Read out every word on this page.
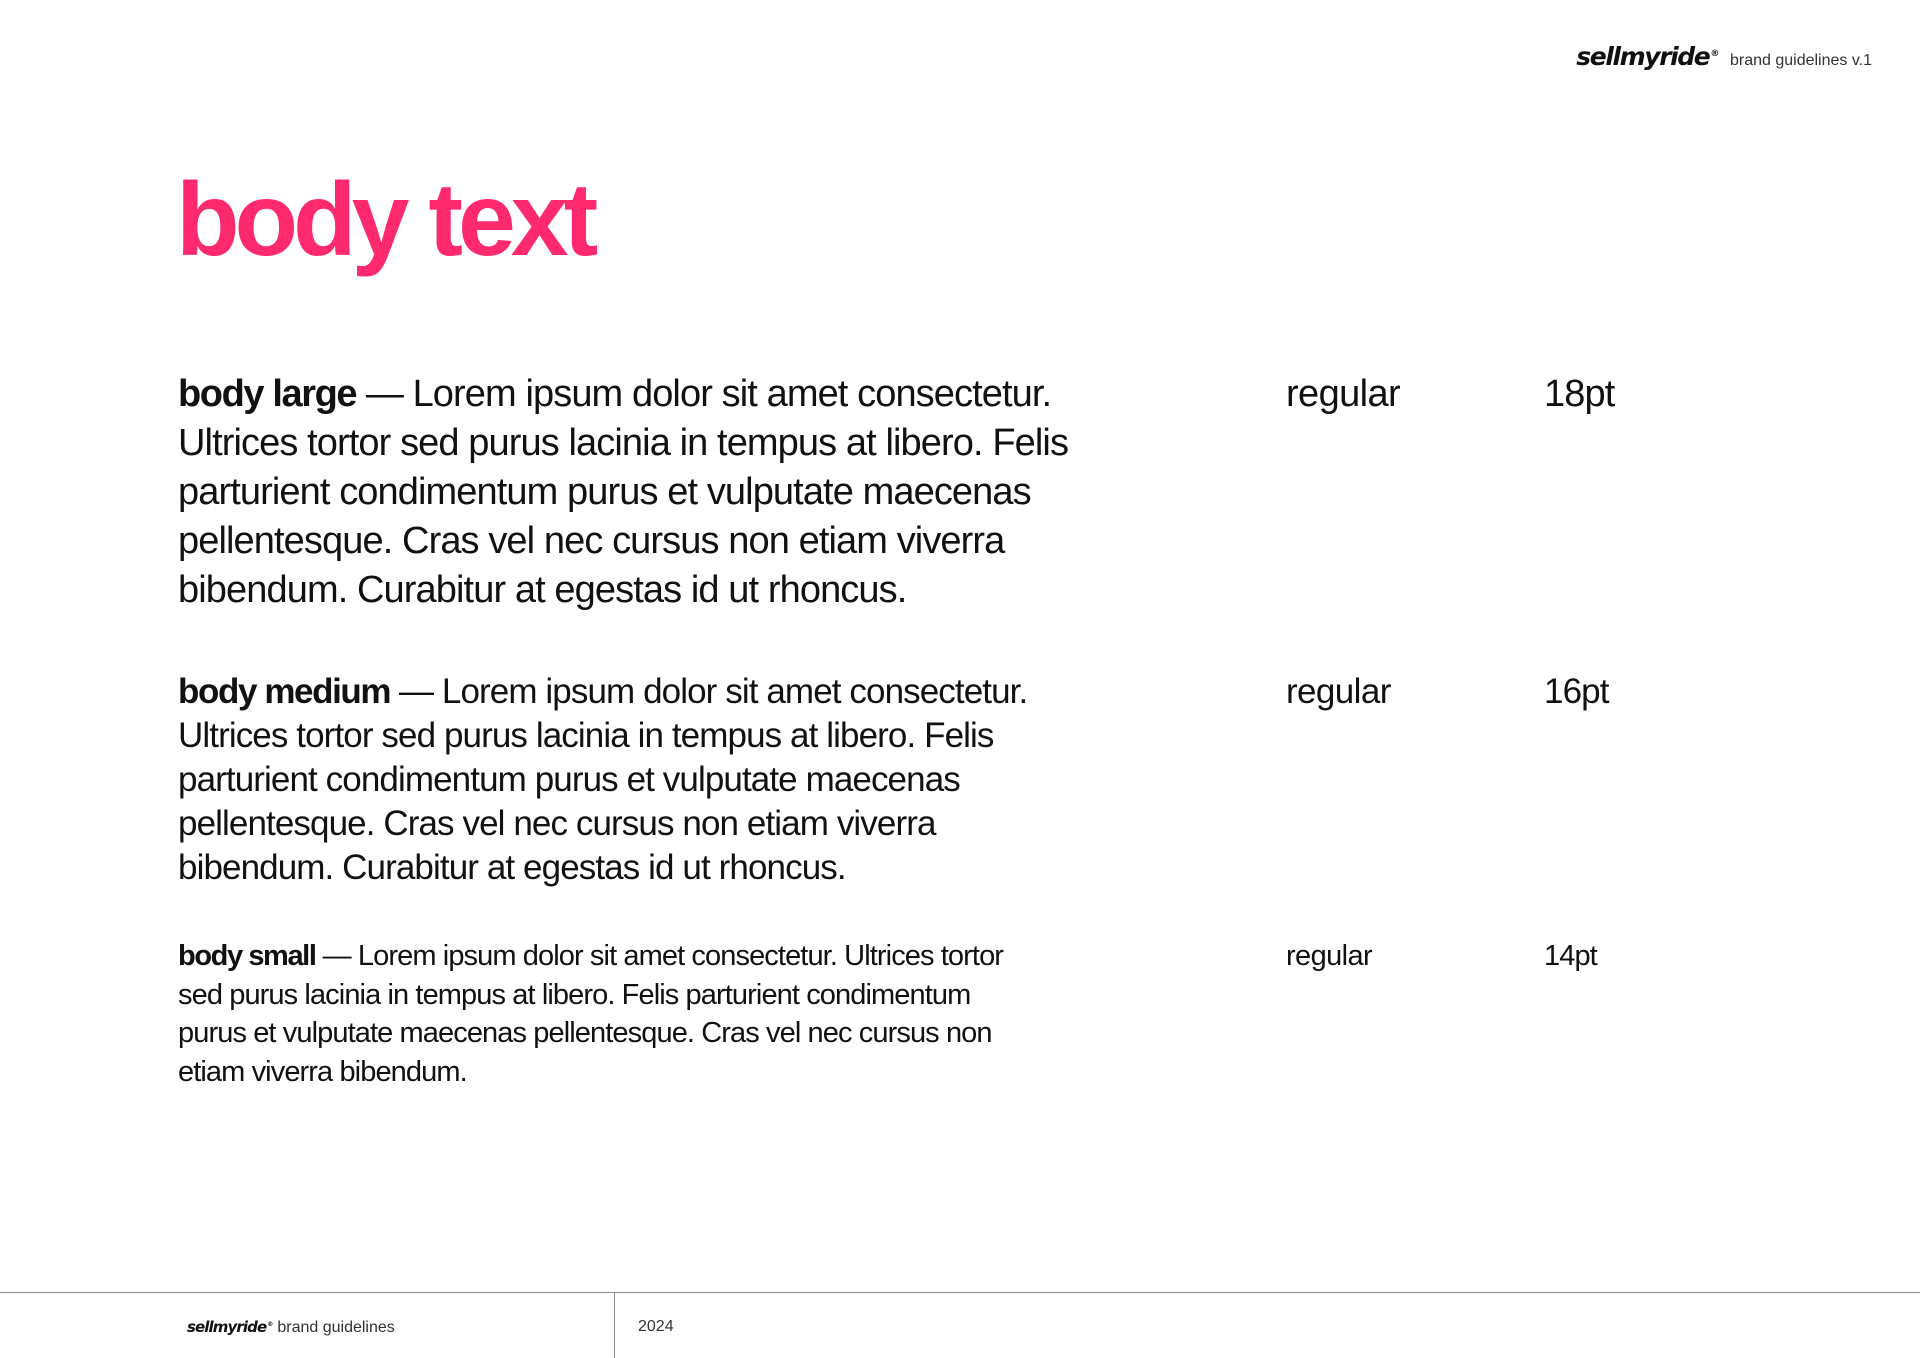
sellmyride® brand guidelines v.1
body text
body large — Lorem ipsum dolor sit amet consectetur. Ultrices tortor sed purus lacinia in tempus at libero. Felis parturient condimentum purus et vulputate maecenas pellentesque. Cras vel nec cursus non etiam viverra bibendum. Curabitur at egestas id ut rhoncus.
regular	18pt
body medium — Lorem ipsum dolor sit amet consectetur. Ultrices tortor sed purus lacinia in tempus at libero. Felis parturient condimentum purus et vulputate maecenas pellentesque. Cras vel nec cursus non etiam viverra bibendum. Curabitur at egestas id ut rhoncus.
regular	16pt
body small — Lorem ipsum dolor sit amet consectetur. Ultrices tortor sed purus lacinia in tempus at libero. Felis parturient condimentum purus et vulputate maecenas pellentesque. Cras vel nec cursus non etiam viverra bibendum.
regular	14pt
sellmyride® brand guidelines	2024
